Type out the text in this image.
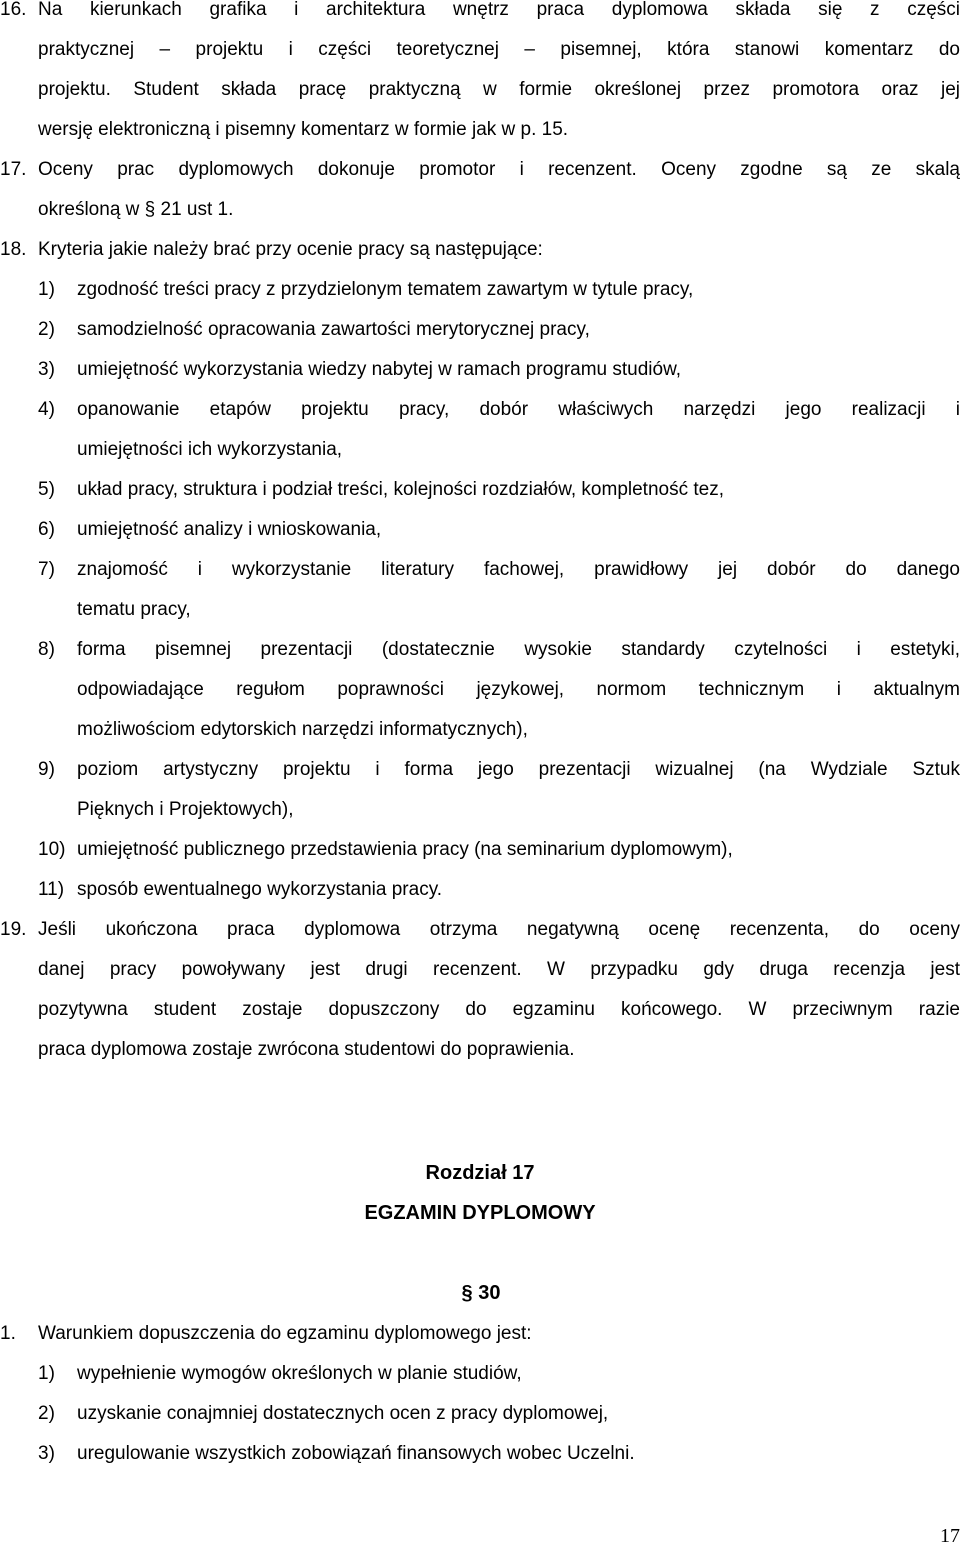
16. Na kierunkach grafika i architektura wnętrz praca dyplomowa składa się z części
praktycznej – projektu i części teoretycznej – pisemnej, która stanowi komentarz do
projektu. Student składa pracę praktyczną w formie określonej przez promotora oraz jej
wersję elektroniczną i pisemny komentarz w formie jak w p. 15.
17. Oceny prac dyplomowych dokonuje promotor i recenzent. Oceny zgodne są ze skalą
określoną w § 21 ust 1.
18. Kryteria jakie należy brać przy ocenie pracy są następujące:
1) zgodność treści pracy z przydzielonym tematem zawartym w tytule pracy,
2) samodzielność opracowania zawartości merytorycznej pracy,
3) umiejętność wykorzystania wiedzy nabytej w ramach programu studiów,
4) opanowanie etapów projektu pracy, dobór właściwych narzędzi jego realizacji i
umiejętności ich wykorzystania,
5) układ pracy, struktura i podział treści, kolejności rozdziałów, kompletność tez,
6) umiejętność analizy i wnioskowania,
7) znajomość i wykorzystanie literatury fachowej, prawidłowy jej dobór do danego
tematu pracy,
8) forma pisemnej prezentacji (dostatecznie wysokie standardy czytelności i estetyki,
odpowiadające regułom poprawności językowej, normom technicznym i aktualnym
możliwościom edytorskich narzędzi informatycznych),
9) poziom artystyczny projektu i forma jego prezentacji wizualnej (na Wydziale Sztuk
Pięknych i Projektowych),
10) umiejętność publicznego przedstawienia pracy (na seminarium dyplomowym),
11) sposób ewentualnego wykorzystania pracy.
19. Jeśli ukończona praca dyplomowa otrzyma negatywną ocenę recenzenta, do oceny
danej pracy powoływany jest drugi recenzent. W przypadku gdy druga recenzja jest
pozytywna student zostaje dopuszczony do egzaminu końcowego. W przeciwnym razie
praca dyplomowa zostaje zwrócona studentowi do poprawienia.
Rozdział 17
EGZAMIN DYPLOMOWY
§ 30
1. Warunkiem dopuszczenia do egzaminu dyplomowego jest:
1) wypełnienie wymogów określonych w planie studiów,
2) uzyskanie conajmniej dostatecznych ocen z pracy dyplomowej,
3) uregulowanie wszystkich zobowiązań finansowych wobec Uczelni.
17
